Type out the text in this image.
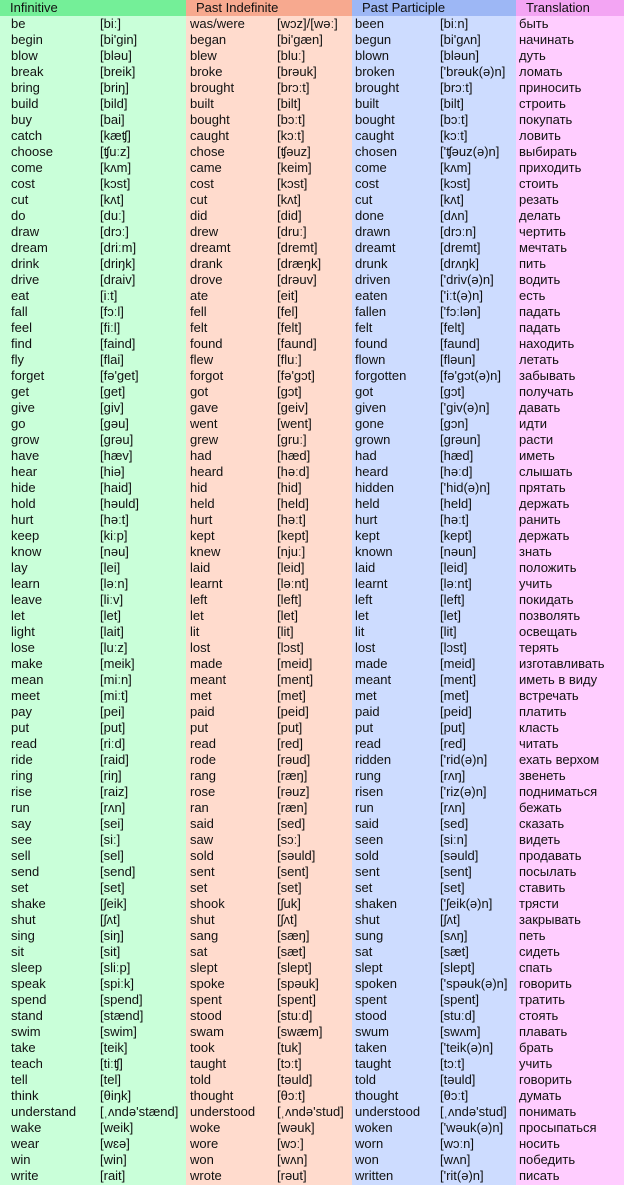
Infinitive	Past Indefinite	Past Participle	Translation
be	[biː]	was/were [wɔz]/[wəː] been	[biːn]	быть
begin	[bi'gin]	began	[bi'gæn] begun	[bi'gʌn]	начинать
blow	[bləu]	blew	[bluː]	blown	[bləun]	дуть
break	[breik]	broke	[brəuk]	broken	['brəuk(ə)n] ломать
bring	[briŋ]	brought	[brɔːt]	brought	[brɔːt]	приносить
build	[bild]	built	[bilt]	built	[bilt]	строить
buy	[bai]	bought	[bɔːt]	bought	[bɔːt]	покупать
catch	[kæʧ]	caught	[kɔːt]	caught	[kɔːt]	ловить
choose	[ʧuːz]	chose	[ʧəuz]	chosen	['ʧəuz(ə)n] выбирать
come	[kʌm]	came	[keim]	come	[kʌm]	приходить
cost	[kɔst]	cost	[kɔst]	cost	[kɔst]	стоить
cut	[kʌt]	cut	[kʌt]	cut	[kʌt]	резать
do	[duː]	did	[did]	done	[dʌn]	делать
draw	[drɔː]	drew	[druː]	drawn	[drɔːn]	чертить
dream	[driːm]	dreamt	[dremt]	dreamt	[dremt]	мечтать
drink	[driŋk]	drank	[dræŋk]	drunk	[drʌŋk]	пить
drive	[draiv]	drove	[drəuv]	driven	['driv(ə)n] водить
eat	[iːt]	ate	[eit]	eaten	['iːt(ə)n]	есть
fall	[fɔːl]	fell	[fel]	fallen	['fɔːlən]	падать
feel	[fiːl]	felt	[felt]	felt	[felt]	падать
find	[faind]	found	[faund]	found	[faund]	находить
fly	[flai]	flew	[fluː]	flown	[fləun]	летать
forget	[fə'get]	forgot	[fə'gɔt]	forgotten	[fə'gɔt(ə)n] забывать
get	[get]	got	[gɔt]	got	[gɔt]	получать
give	[giv]	gave	[geiv]	given	['giv(ə)n] давать
go	[gəu]	went	[went]	gone	[gɔn]	идти
grow	[grəu]	grew	[gruː]	grown	[grəun]	расти
have	[hæv]	had	[hæd]	had	[hæd]	иметь
hear	[hiə]	heard	[həːd]	heard	[həːd]	слышать
hide	[haid]	hid	[hid]	hidden	['hid(ə)n] прятать
hold	[həuld]	held	[held]	held	[held]	держать
hurt	[həːt]	hurt	[həːt]	hurt	[həːt]	ранить
keep	[kiːp]	kept	[kept]	kept	[kept]	держать
know	[nəu]	knew	[njuː]	known	[nəun]	знать
lay	[lei]	laid	[leid]	laid	[leid]	положить
learn	[ləːn]	learnt	[ləːnt]	learnt	[ləːnt]	учить
leave	[liːv]	left	[left]	left	[left]	покидать
let	[let]	let	[let]	let	[let]	позволять
light	[lait]	lit	[lit]	lit	[lit]	освещать
lose	[luːz]	lost	[lɔst]	lost	[lɔst]	терять
make	[meik]	made	[meid]	made	[meid]	изготавливать
mean	[miːn]	meant	[ment]	meant	[ment]	иметь в виду
meet	[miːt]	met	[met]	met	[met]	встречать
pay	[pei]	paid	[peid]	paid	[peid]	платить
put	[put]	put	[put]	put	[put]	класть
read	[riːd]	read	[red]	read	[red]	читать
ride	[raid]	rode	[rəud]	ridden	['rid(ə)n] ехать верхом
ring	[riŋ]	rang	[ræŋ]	rung	[rʌŋ]	звенеть
rise	[raiz]	rose	[rəuz]	risen	['riz(ə)n] подниматься
run	[rʌn]	ran	[ræn]	run	[rʌn]	бежать
say	[sei]	said	[sed]	said	[sed]	сказать
see	[siː]	saw	[sɔː]	seen	[siːn]	видеть
sell	[sel]	sold	[səuld]	sold	[səuld]	продавать
send	[send]	sent	[sent]	sent	[sent]	посылать
set	[set]	set	[set]	set	[set]	ставить
shake	[ʃeik]	shook	[ʃuk]	shaken	['ʃeik(ə)n] трясти
shut	[ʃʌt]	shut	[ʃʌt]	shut	[ʃʌt]	закрывать
sing	[siŋ]	sang	[sæŋ]	sung	[sʌŋ]	петь
sit	[sit]	sat	[sæt]	sat	[sæt]	сидеть
sleep	[sliːp]	slept	[slept]	slept	[slept]	спать
speak	[spiːk]	spoke	[spəuk]	spoken	['spəuk(ə)n] говорить
spend	[spend]	spent	[spent]	spent	[spent]	тратить
stand	[stænd]	stood	[stuːd]	stood	[stuːd]	стоять
swim	[swim]	swam	[swæm]	swum	[swʌm]	плавать
take	[teik]	took	[tuk]	taken	['teik(ə)n] брать
teach	[tiːʧ]	taught	[tɔːt]	taught	[tɔːt]	учить
tell	[tel]	told	[təuld]	told	[təuld]	говорить
think	[θiŋk]	thought	[θɔːt]	thought	[θɔːt]	думать
understand [ˌʌndə'stænd] understood [ˌʌndə'stud] understood [ˌʌndə'stud] понимать
wake	[weik]	woke	[wəuk]	woken	['wəuk(ə)n] просыпаться
wear	[wɛə]	wore	[wɔː]	worn	[wɔːn]	носить
win	[win]	won	[wʌn]	won	[wʌn]	победить
write	[rait]	wrote	[rəut]	written	['rit(ə)n]	писать
